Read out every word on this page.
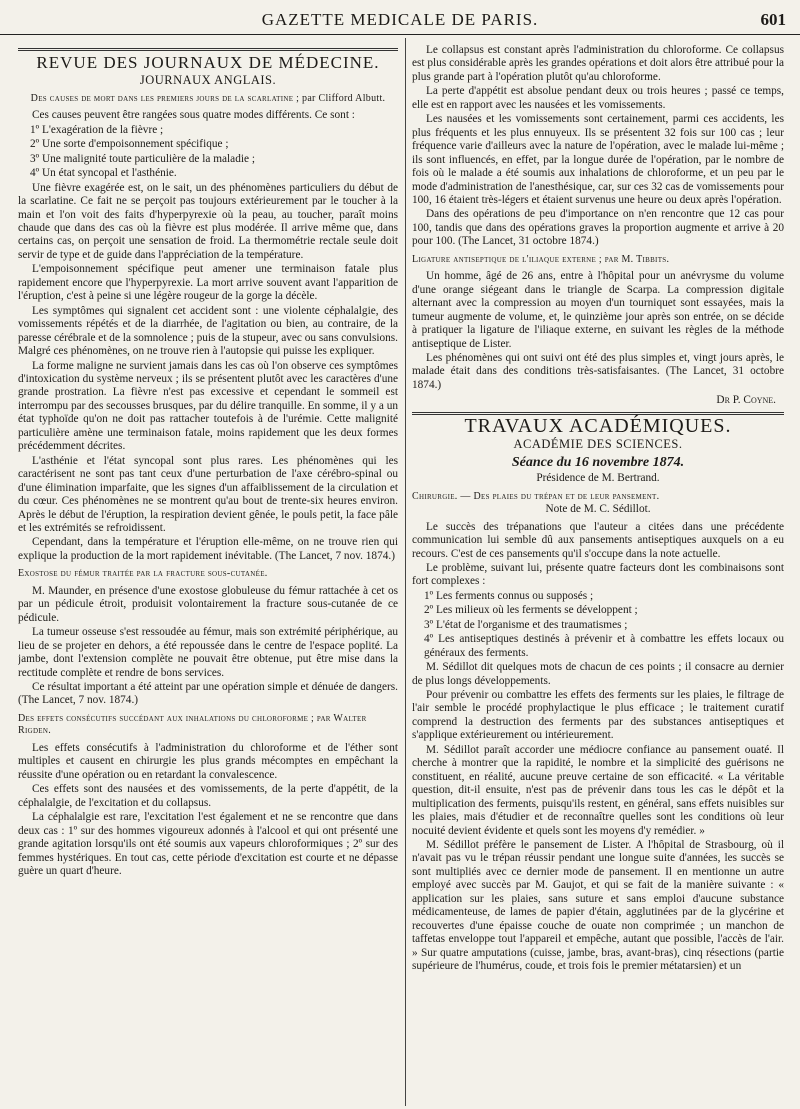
GAZETTE MEDICALE DE PARIS.	601
REVUE DES JOURNAUX DE MÉDECINE.
JOURNAUX ANGLAIS.
Des causes de mort dans les premiers jours de la scarlatine ; par Clifford Albutt.

Ces causes peuvent être rangées sous quatre modes différents. Ce sont :

1º L'exagération de la fièvre ;

2º Une sorte d'empoisonnement spécifique ;

3º Une malignité toute particulière de la maladie ;

4º Un état syncopal et l'asthénie.

Une fièvre exagérée est, on le sait, un des phénomènes particuliers du début de la scarlatine. Ce fait ne se perçoit pas toujours extérieurement par le toucher à la main et l'on voit des faits d'hyperpyrexie où la peau, au toucher, paraît moins chaude que dans des cas où la fièvre est plus modérée. Il arrive même que, dans certains cas, on perçoit une sensation de froid. La thermométrie rectale seule doit servir de type et de guide dans l'appréciation de la température.

L'empoisonnement spécifique peut amener une terminaison fatale plus rapidement encore que l'hyperpyrexie. La mort arrive souvent avant l'apparition de l'éruption, c'est à peine si une légère rougeur de la gorge la décèle.

Les symptômes qui signalent cet accident sont : une violente céphalalgie, des vomissements répétés et de la diarrhée, de l'agitation ou bien, au contraire, de la paresse cérébrale et de la somnolence ; puis de la stupeur, avec ou sans convulsions. Malgré ces phénomènes, on ne trouve rien à l'autopsie qui puisse les expliquer.

La forme maligne ne survient jamais dans les cas où l'on observe ces symptômes d'intoxication du système nerveux ; ils se présentent plutôt avec les caractères d'une grande prostration. La fièvre n'est pas excessive et cependant le sommeil est interrompu par des secousses brusques, par du délire tranquille. En somme, il y a un état typhoïde qu'on ne doit pas rattacher toutefois à de l'urémie. Cette malignité particulière amène une terminaison fatale, moins rapidement que les deux formes précédemment décrites.

L'asthénie et l'état syncopal sont plus rares. Les phénomènes qui les caractérisent ne sont pas tant ceux d'une perturbation de l'axe cérébro-spinal ou d'une élimination imparfaite, que les signes d'un affaiblissement de la circulation et du cœur. Ces phénomènes ne se montrent qu'au bout de trente-six heures environ. Après le début de l'éruption, la respiration devient gênée, le pouls petit, la face pâle et les extrémités se refroidissent.

Cependant, dans la température et l'éruption elle-même, on ne trouve rien qui explique la production de la mort rapidement inévitable. (The Lancet, 7 nov. 1874.)

Exostose du fémur traitée par la fracture sous-cutanée.

M. Maunder, en présence d'une exostose globuleuse du fémur rattachée à cet os par un pédicule étroit, produisit volontairement la fracture sous-cutanée de ce pédicule.

La tumeur osseuse s'est ressoudée au fémur, mais son extrémité périphérique, au lieu de se projeter en dehors, a été repoussée dans le centre de l'espace poplité. La jambe, dont l'extension complète ne pouvait être obtenue, put être mise dans la rectitude complète et rendre de bons services.

Ce résultat important a été atteint par une opération simple et dénuée de dangers. (The Lancet, 7 nov. 1874.)

Des effets consécutifs succédant aux inhalations du chloroforme ; par Walter Rigden.

Les effets consécutifs à l'administration du chloroforme et de l'éther sont multiples et causent en chirurgie les plus grands mécomptes en empêchant la réussite d'une opération ou en retardant la convalescence.

Ces effets sont des nausées et des vomissements, de la perte d'appétit, de la céphalalgie, de l'excitation et du collapsus.

La céphalalgie est rare, l'excitation l'est également et ne se rencontre que dans deux cas : 1º sur des hommes vigoureux adonnés à l'alcool et qui ont présenté une grande agitation lorsqu'ils ont été soumis aux vapeurs chloroformiques ; 2º sur des femmes hystériques. En tout cas, cette période d'excitation est courte et ne dépasse guère un quart d'heure.

Le collapsus est constant après l'administration du chloroforme. Ce collapsus est plus considérable après les grandes opérations et doit alors être attribué pour la plus grande part à l'opération plutôt qu'au chloroforme.

La perte d'appétit est absolue pendant deux ou trois heures ; passé ce temps, elle est en rapport avec les nausées et les vomissements.

Les nausées et les vomissements sont certainement, parmi ces accidents, les plus fréquents et les plus ennuyeux. Ils se présentent 32 fois sur 100 cas ; leur fréquence varie d'ailleurs avec la nature de l'opération, avec le malade lui-même ; ils sont influencés, en effet, par la longue durée de l'opération, par le nombre de fois où le malade a été soumis aux inhalations de chloroforme, et un peu par le mode d'administration de l'anesthésique, car, sur ces 32 cas de vomissements pour 100, 16 étaient très-légers et étaient survenus une heure ou deux après l'opération.

Dans des opérations de peu d'importance on n'en rencontre que 12 cas pour 100, tandis que dans des opérations graves la proportion augmente et arrive à 20 pour 100. (The Lancet, 31 octobre 1874.)

Ligature antiseptique de l'iliaque externe ; par M. Tibbits.

Un homme, âgé de 26 ans, entre à l'hôpital pour un anévrysme du volume d'une orange siégeant dans le triangle de Scarpa. La compression digitale alternant avec la compression au moyen d'un tourniquet sont essayées, mais la tumeur augmente de volume, et, le quinzième jour après son entrée, on se décide à pratiquer la ligature de l'iliaque externe, en suivant les règles de la méthode antiseptique de Lister.

Les phénomènes qui ont suivi ont été des plus simples et, vingt jours après, le malade était dans des conditions très-satisfaisantes. (The Lancet, 31 octobre 1874.)

Dr P. Coyne.
TRAVAUX ACADÉMIQUES.
ACADÉMIE DES SCIENCES.
Séance du 16 novembre 1874.
Présidence de M. Bertrand.
Chirurgie. — Des plaies du trépan et de leur pansement.
Note de M. C. Sédillot.

Le succès des trépanations que l'auteur a citées dans une précédente communication lui semble dû aux pansements antiseptiques auxquels on a eu recours. C'est de ces pansements qu'il s'occupe dans la note actuelle.

Le problème, suivant lui, présente quatre facteurs dont les combinaisons sont fort complexes :

1º Les ferments connus ou supposés ;

2º Les milieux où les ferments se développent ;

3º L'état de l'organisme et des traumatismes ;

4º Les antiseptiques destinés à prévenir et à combattre les effets locaux ou généraux des ferments.

M. Sédillot dit quelques mots de chacun de ces points ; il consacre au dernier de plus longs développements.

Pour prévenir ou combattre les effets des ferments sur les plaies, le filtrage de l'air semble le procédé prophylactique le plus efficace ; le traitement curatif comprend la destruction des ferments par des substances antiseptiques et s'applique extérieurement ou intérieurement.

M. Sédillot paraît accorder une médiocre confiance au pansement ouaté. Il cherche à montrer que la rapidité, le nombre et la simplicité des guérisons ne constituent, en réalité, aucune preuve certaine de son efficacité. « La véritable question, dit-il ensuite, n'est pas de prévenir dans tous les cas le dépôt et la multiplication des ferments, puisqu'ils restent, en général, sans effets nuisibles sur les plaies, mais d'étudier et de reconnaître quelles sont les conditions où leur nocuité devient évidente et quels sont les moyens d'y remédier. »

M. Sédillot préfère le pansement de Lister. A l'hôpital de Strasbourg, où il n'avait pas vu le trépan réussir pendant une longue suite d'années, les succès se sont multipliés avec ce dernier mode de pansement. Il en mentionne un autre employé avec succès par M. Gaujot, et qui se fait de la manière suivante : « application sur les plaies, sans suture et sans emploi d'aucune substance médicamenteuse, de lames de papier d'étain, agglutinées par de la glycérine et recouvertes d'une épaisse couche de ouate non comprimée ; un manchon de taffetas enveloppe tout l'appareil et empêche, autant que possible, l'accès de l'air. » Sur quatre amputations (cuisse, jambe, bras, avant-bras), cinq résections (partie supérieure de l'humérus, coude, et trois fois le premier métatarsien) et un
